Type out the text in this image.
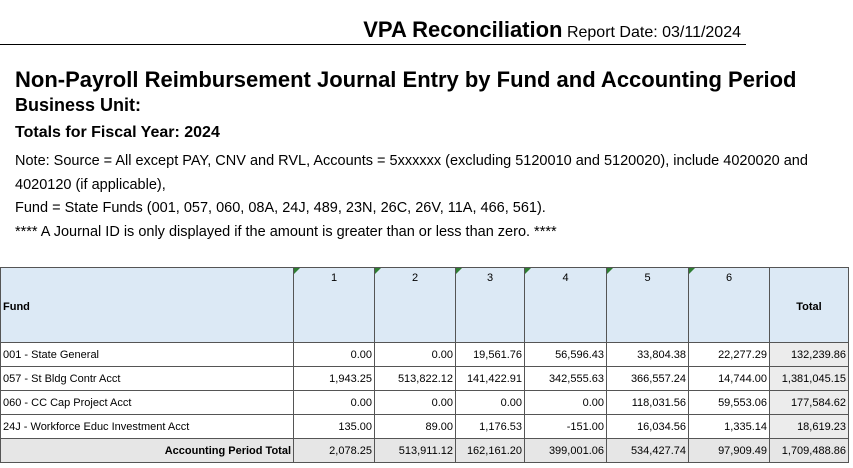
VPA Reconciliation Report Date: 03/11/2024
Non-Payroll Reimbursement Journal Entry by Fund and Accounting Period
Business Unit:
Totals for Fiscal Year: 2024
Note: Source = All except PAY, CNV and RVL, Accounts = 5xxxxxx (excluding 5120010 and 5120020), include 4020020 and 4020120 (if applicable),
Fund = State Funds (001, 057, 060, 08A, 24J, 489, 23N, 26C, 26V, 11A, 466, 561).
**** A Journal ID is only displayed if the amount is greater than or less than zero. ****
Fund	1	2	3	4	5	6	Total
001 - State General	0.00	0.00	19,561.76	56,596.43	33,804.38	22,277.29	132,239.86
057 - St Bldg Contr Acct	1,943.25	513,822.12	141,422.91	342,555.63	366,557.24	14,744.00	1,381,045.15
060 - CC Cap Project Acct	0.00	0.00	0.00	0.00	118,031.56	59,553.06	177,584.62
24J - Workforce Educ Investment Acct	135.00	89.00	1,176.53	-151.00	16,034.56	1,335.14	18,619.23
Accounting Period Total	2,078.25	513,911.12	162,161.20	399,001.06	534,427.74	97,909.49	1,709,488.86
